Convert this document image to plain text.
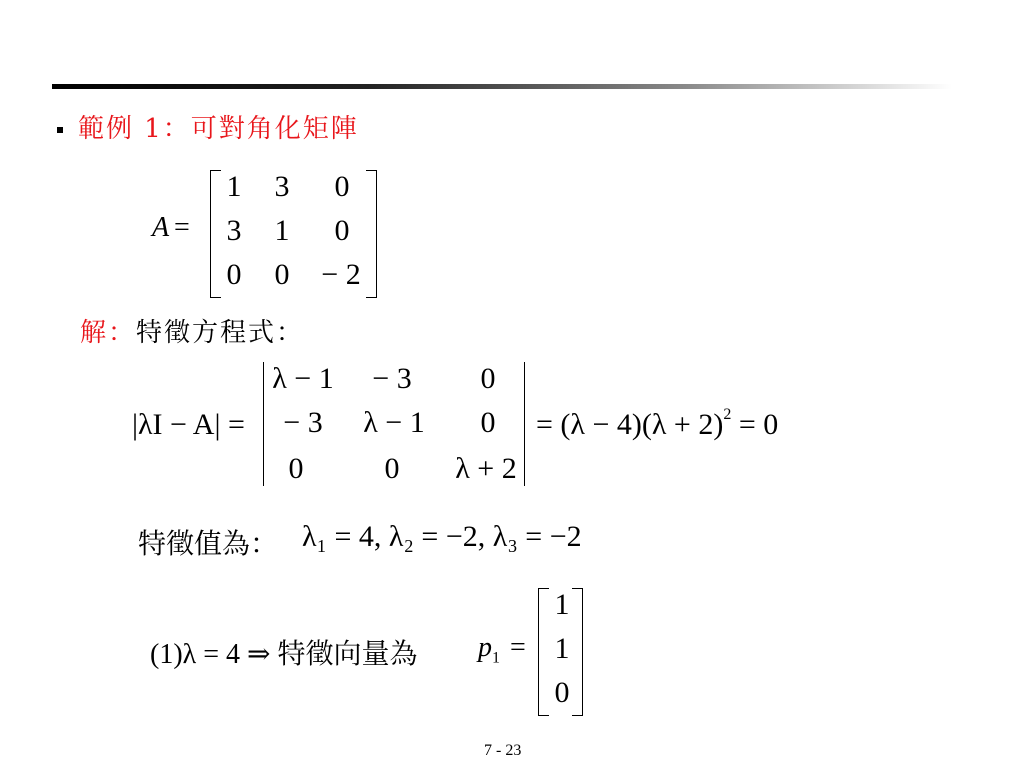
範例 1：可對角化矩陣
A =
1 3 0
3 1 0
0 0 − 2
解：特徵方程式：
|λI − A| =
λ − 1	− 3	0
− 3	λ − 1	0
0	0	λ + 2
= $(\lambda - 4)(\lambda + 2)^2 = 0$
特徵值為： λ₁ = 4, λ₂ = −2, λ₃ = −2
(1)λ = 4 ⇒ 特徵向量為 $p_1$ =
1
1
0
7 - 23
